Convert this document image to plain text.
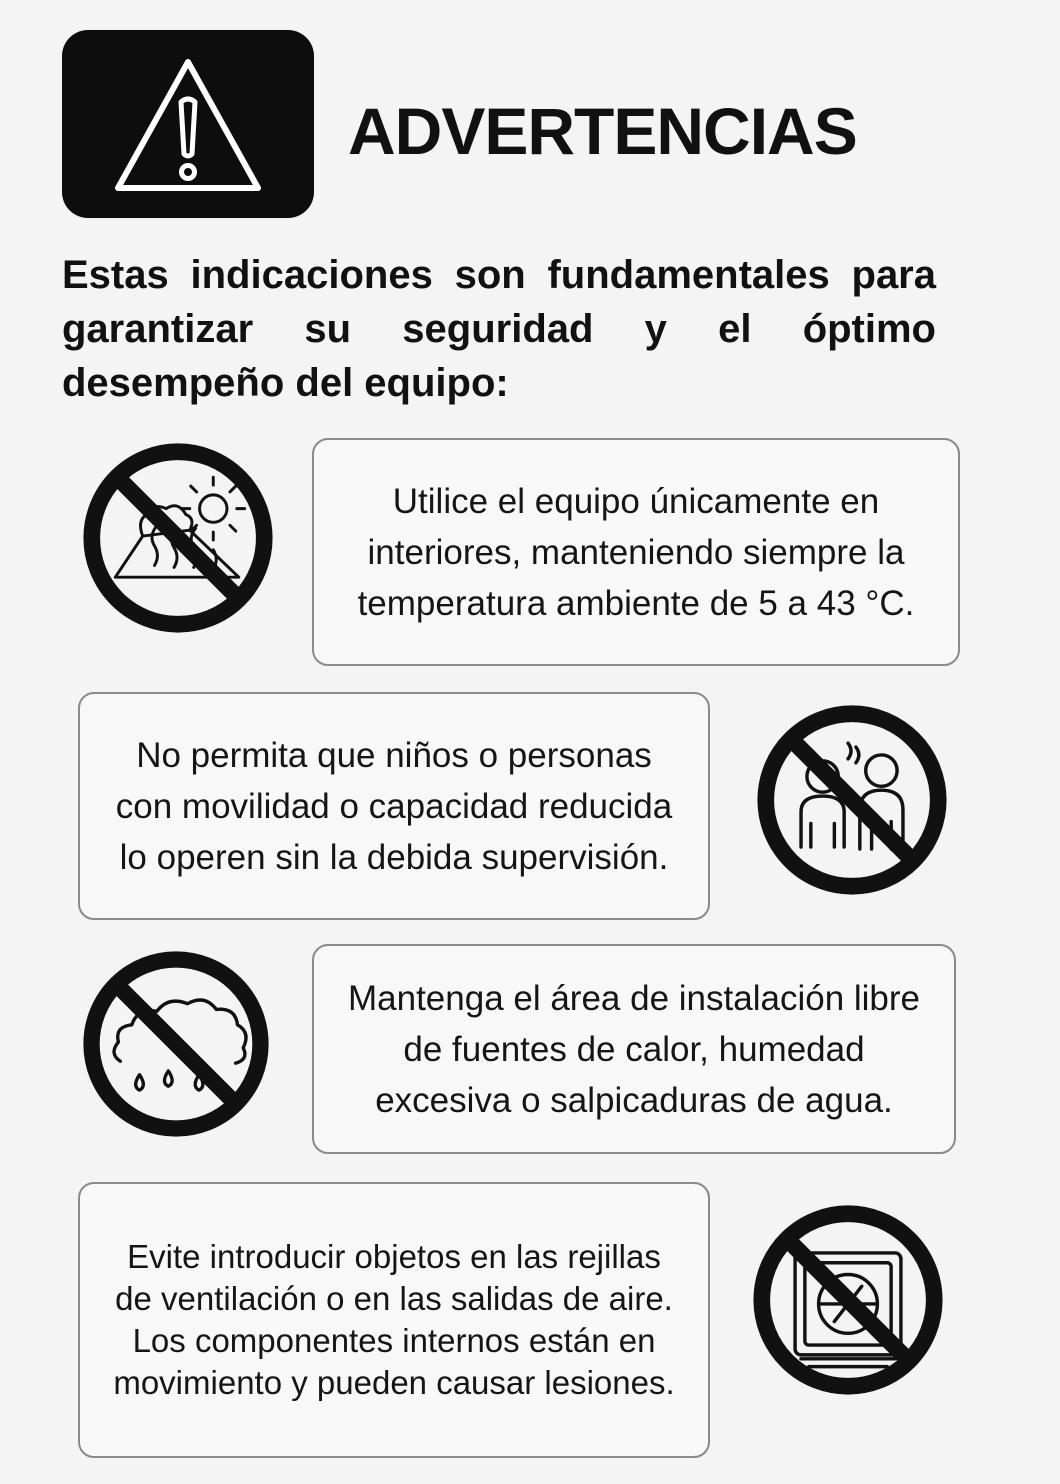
ADVERTENCIAS
Estas indicaciones son fundamentales para garantizar su seguridad y el óptimo desempeño del equipo:
Utilice el equipo únicamente en interiores, manteniendo siempre la temperatura ambiente de 5 a 43 °C.
No permita que niños o personas con movilidad o capacidad reducida lo operen sin la debida supervisión.
Mantenga el área de instalación libre de fuentes de calor, humedad excesiva o salpicaduras de agua.
Evite introducir objetos en las rejillas de ventilación o en las salidas de aire. Los componentes internos están en movimiento y pueden causar lesiones.
